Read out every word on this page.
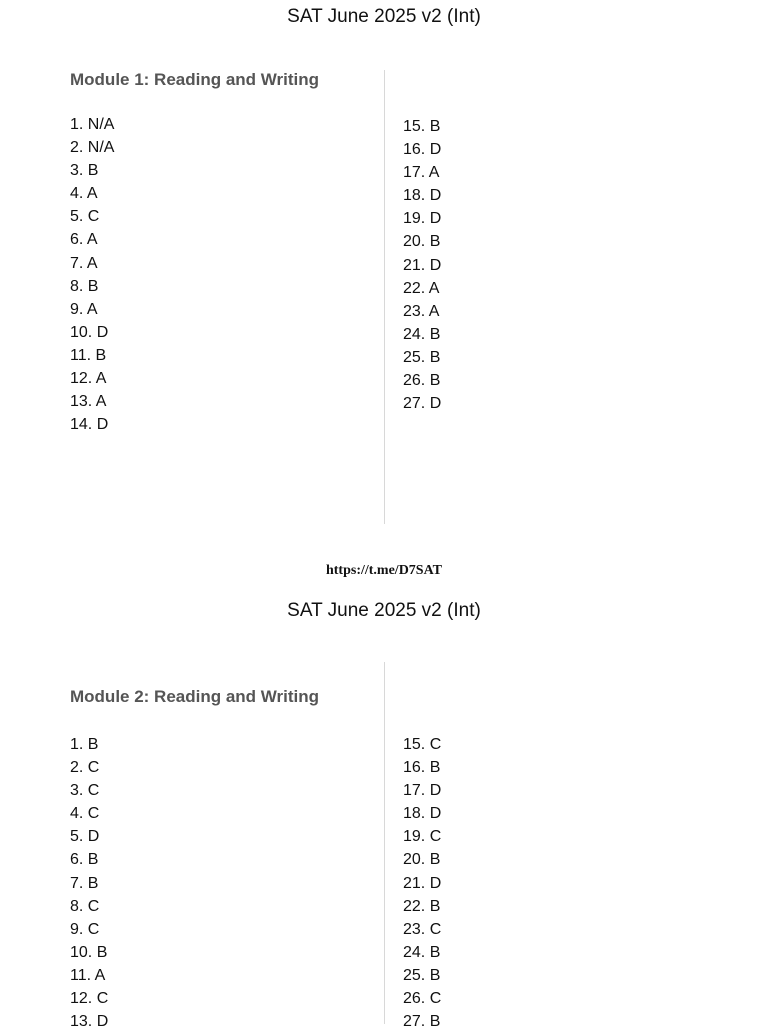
SAT June 2025 v2 (Int)
Module 1: Reading and Writing
1. N/A
2. N/A
3. B
4. A
5. C
6. A
7. A
8. B
9. A
10. D
11. B
12. A
13. A
14. D
15. B
16. D
17. A
18. D
19. D
20. B
21. D
22. A
23. A
24. B
25. B
26. B
27. D
https://t.me/D7SAT
SAT June 2025 v2 (Int)
Module 2: Reading and Writing
1. B
2. C
3. C
4. C
5. D
6. B
7. B
8. C
9. C
10. B
11. A
12. C
13. D
15. C
16. B
17. D
18. D
19. C
20. B
21. D
22. B
23. C
24. B
25. B
26. C
27. B
